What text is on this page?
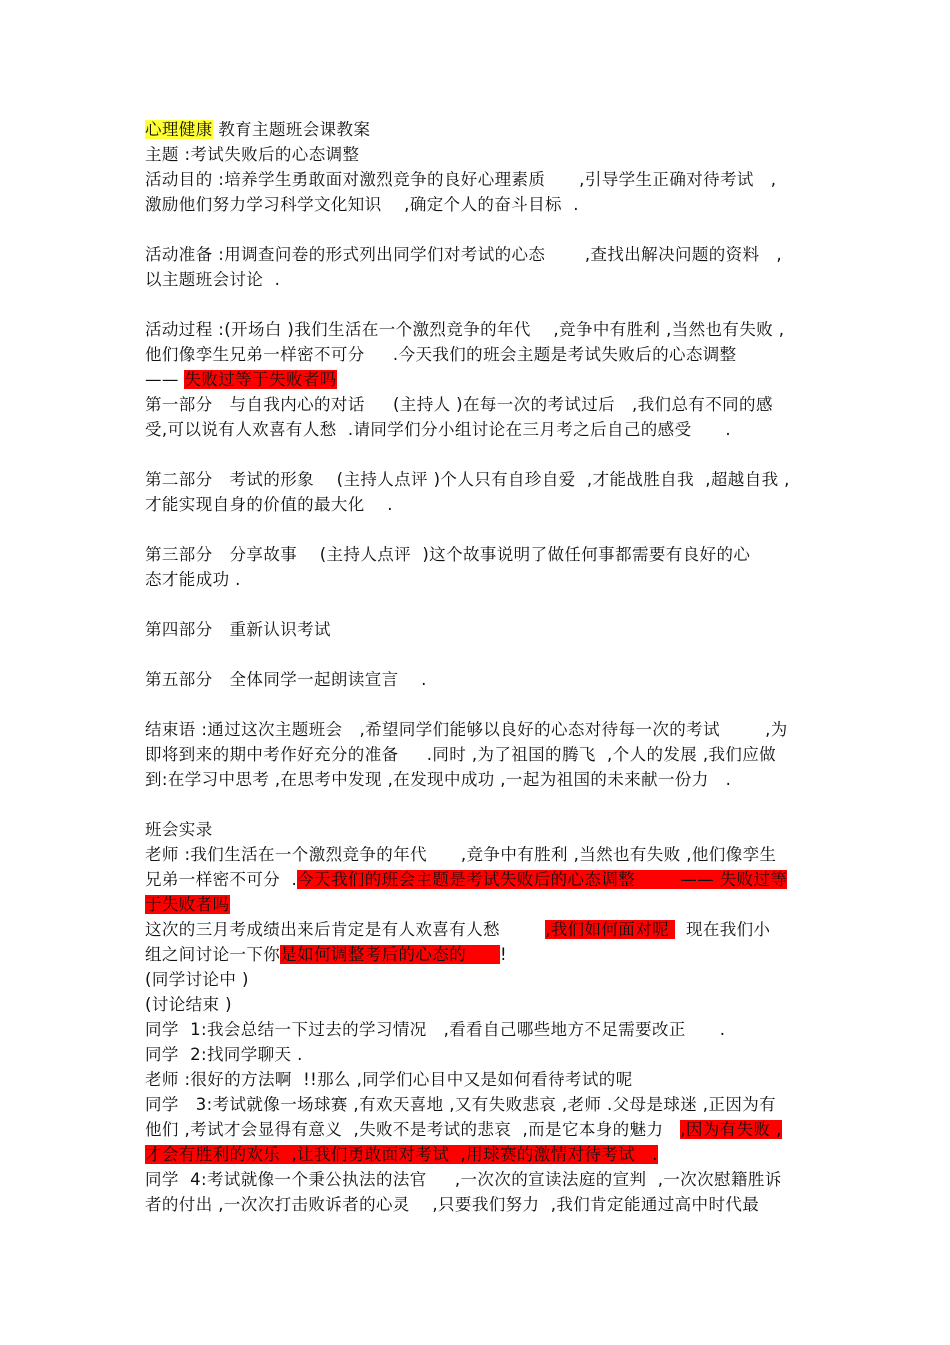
心理健康 教育主题班会课教案
主题 :考试失败后的心态调整
活动目的 :培养学生勇敢面对激烈竞争的良好心理素质      ,引导学生正确对待考试   ,
激励他们努力学习科学文化知识    ,确定个人的奋斗目标  .
活动准备 :用调查问卷的形式列出同学们对考试的心态       ,查找出解决问题的资料   ,
以主题班会讨论  .
活动过程 :(开场白 )我们生活在一个激烈竞争的年代    ,竞争中有胜利 ,当然也有失败 ,
他们像孪生兄弟一样密不可分     .今天我们的班会主题是考试失败后的心态调整
—— 失败过等于失败者吗
第一部分   与自我内心的对话     (主持人 )在每一次的考试过后   ,我们总有不同的感
受,可以说有人欢喜有人愁  .请同学们分小组讨论在三月考之后自己的感受      .
第二部分   考试的形象    (主持人点评 )个人只有自珍自爱  ,才能战胜自我  ,超越自我 ,
才能实现自身的价值的最大化    .
第三部分   分享故事    (主持人点评  )这个故事说明了做任何事都需要有良好的心
态才能成功 .
第四部分   重新认识考试
第五部分   全体同学一起朗读宣言    .
结束语 :通过这次主题班会   ,希望同学们能够以良好的心态对待每一次的考试        ,为
即将到来的期中考作好充分的准备     .同时 ,为了祖国的腾飞  ,个人的发展 ,我们应做
到:在学习中思考 ,在思考中发现 ,在发现中成功 ,一起为祖国的未来献一份力   .
班会实录
老师 :我们生活在一个激烈竞争的年代      ,竞争中有胜利 ,当然也有失败 ,他们像孪生
兄弟一样密不可分  .今天我们的班会主题是考试失败后的心态调整        —— 失败过等
于失败者吗
这次的三月考成绩出来后肯定是有人欢喜有人愁        ,我们如何面对呢   现在我们小
组之间讨论一下你是如何调整考后的心态的      !
(同学讨论中 )
(讨论结束 )
同学  1:我会总结一下过去的学习情况   ,看看自己哪些地方不足需要改正      .
同学  2:找同学聊天 .
老师 :很好的方法啊  !!那么 ,同学们心目中又是如何看待考试的呢
同学   3:考试就像一场球赛 ,有欢天喜地 ,又有失败悲哀 ,老师 .父母是球迷 ,正因为有
他们 ,考试才会显得有意义  ,失败不是考试的悲哀  ,而是它本身的魅力   ,因为有失败 ,
才会有胜利的欢乐  ,让我们勇敢面对考试  ,用球赛的激情对待考试   .
同学  4:考试就像一个秉公执法的法官     ,一次次的宣读法庭的宣判  ,一次次慰籍胜诉
者的付出 ,一次次打击败诉者的心灵    ,只要我们努力  ,我们肯定能通过高中时代最
